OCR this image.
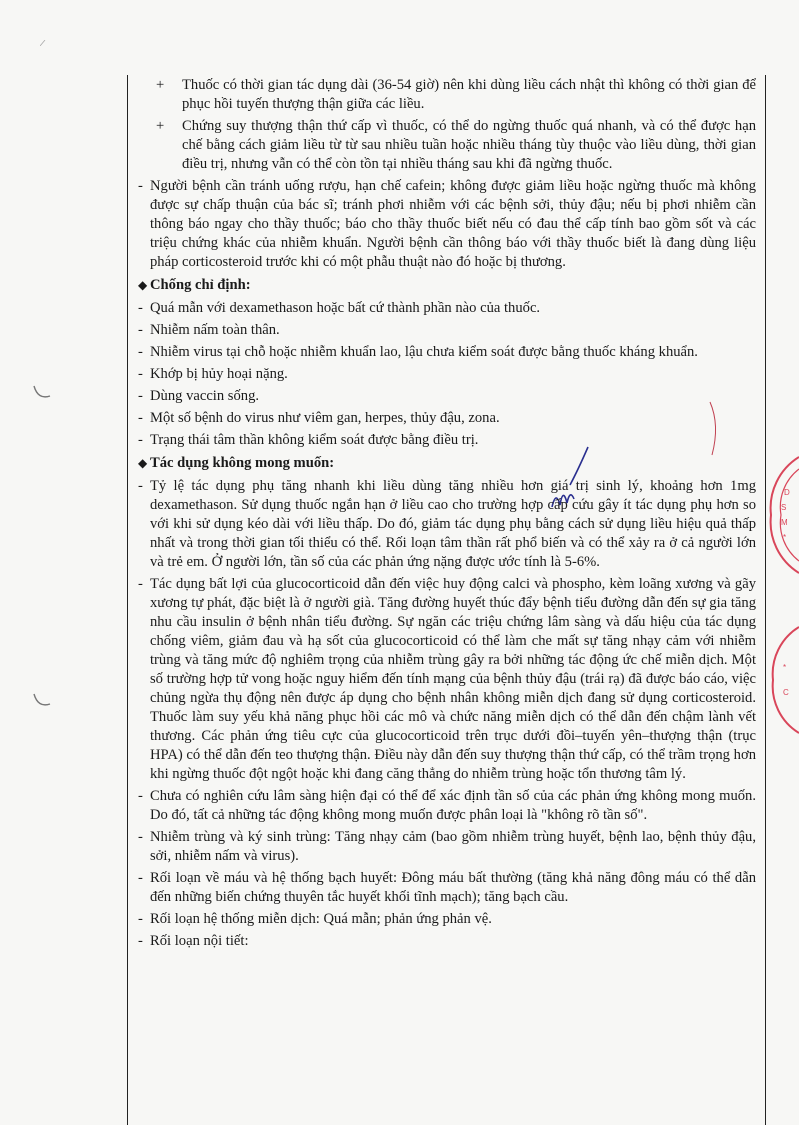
D
S
M
*
*
C
+ Thuốc có thời gian tác dụng dài (36-54 giờ) nên khi dùng liều cách nhật thì không có thời gian để phục hồi tuyến thượng thận giữa các liều.
+ Chứng suy thượng thận thứ cấp vì thuốc, có thể do ngừng thuốc quá nhanh, và có thể được hạn chế bằng cách giảm liều từ từ sau nhiều tuần hoặc nhiều tháng tùy thuộc vào liều dùng, thời gian điều trị, nhưng vẫn có thể còn tồn tại nhiều tháng sau khi đã ngừng thuốc.
- Người bệnh cần tránh uống rượu, hạn chế cafein; không được giảm liều hoặc ngừng thuốc mà không được sự chấp thuận của bác sĩ; tránh phơi nhiễm với các bệnh sởi, thủy đậu; nếu bị phơi nhiễm cần thông báo ngay cho thầy thuốc; báo cho thầy thuốc biết nếu có đau thể cấp tính bao gồm sốt và các triệu chứng khác của nhiễm khuẩn. Người bệnh cần thông báo với thầy thuốc biết là đang dùng liệu pháp corticosteroid trước khi có một phẫu thuật nào đó hoặc bị thương.
◆ Chống chỉ định:
- Quá mẫn với dexamethason hoặc bất cứ thành phần nào của thuốc.
- Nhiễm nấm toàn thân.
- Nhiễm virus tại chỗ hoặc nhiễm khuẩn lao, lậu chưa kiểm soát được bằng thuốc kháng khuẩn.
- Khớp bị hủy hoại nặng.
- Dùng vaccin sống.
- Một số bệnh do virus như viêm gan, herpes, thủy đậu, zona.
- Trạng thái tâm thần không kiểm soát được bằng điều trị.
◆ Tác dụng không mong muốn:
- Tỷ lệ tác dụng phụ tăng nhanh khi liều dùng tăng nhiều hơn giá trị sinh lý, khoảng hơn 1mg dexamethason. Sử dụng thuốc ngắn hạn ở liều cao cho trường hợp cấp cứu gây ít tác dụng phụ hơn so với khi sử dụng kéo dài với liều thấp. Do đó, giảm tác dụng phụ bằng cách sử dụng liều hiệu quả thấp nhất và trong thời gian tối thiểu có thể. Rối loạn tâm thần rất phổ biến và có thể xảy ra ở cả người lớn và trẻ em. Ở người lớn, tần số của các phản ứng nặng được ước tính là 5-6%.
- Tác dụng bất lợi của glucocorticoid dẫn đến việc huy động calci và phospho, kèm loãng xương và gãy xương tự phát, đặc biệt là ở người già. Tăng đường huyết thúc đẩy bệnh tiểu đường dẫn đến sự gia tăng nhu cầu insulin ở bệnh nhân tiểu đường. Sự ngăn các triệu chứng lâm sàng và dấu hiệu của tác dụng chống viêm, giảm đau và hạ sốt của glucocorticoid có thể làm che mất sự tăng nhạy cảm với nhiễm trùng và tăng mức độ nghiêm trọng của nhiễm trùng gây ra bởi những tác động ức chế miễn dịch. Một số trường hợp tử vong hoặc nguy hiểm đến tính mạng của bệnh thủy đậu (trái rạ) đã được báo cáo, việc chủng ngừa thụ động nên được áp dụng cho bệnh nhân không miễn dịch đang sử dụng corticosteroid. Thuốc làm suy yếu khả năng phục hồi các mô và chức năng miễn dịch có thể dẫn đến chậm lành vết thương. Các phản ứng tiêu cực của glucocorticoid trên trục dưới đồi–tuyến yên–thượng thận (trục HPA) có thể dẫn đến teo thượng thận. Điều này dẫn đến suy thượng thận thứ cấp, có thể trầm trọng hơn khi ngừng thuốc đột ngột hoặc khi đang căng thẳng do nhiễm trùng hoặc tổn thương tâm lý.
- Chưa có nghiên cứu lâm sàng hiện đại có thể để xác định tần số của các phản ứng không mong muốn. Do đó, tất cả những tác động không mong muốn được phân loại là "không rõ tần số".
- Nhiễm trùng và ký sinh trùng: Tăng nhạy cảm (bao gồm nhiễm trùng huyết, bệnh lao, bệnh thủy đậu, sởi, nhiễm nấm và virus).
- Rối loạn về máu và hệ thống bạch huyết: Đông máu bất thường (tăng khả năng đông máu có thể dẫn đến những biến chứng thuyên tắc huyết khối tĩnh mạch); tăng bạch cầu.
- Rối loạn hệ thống miễn dịch: Quá mẫn; phản ứng phản vệ.
- Rối loạn nội tiết:
